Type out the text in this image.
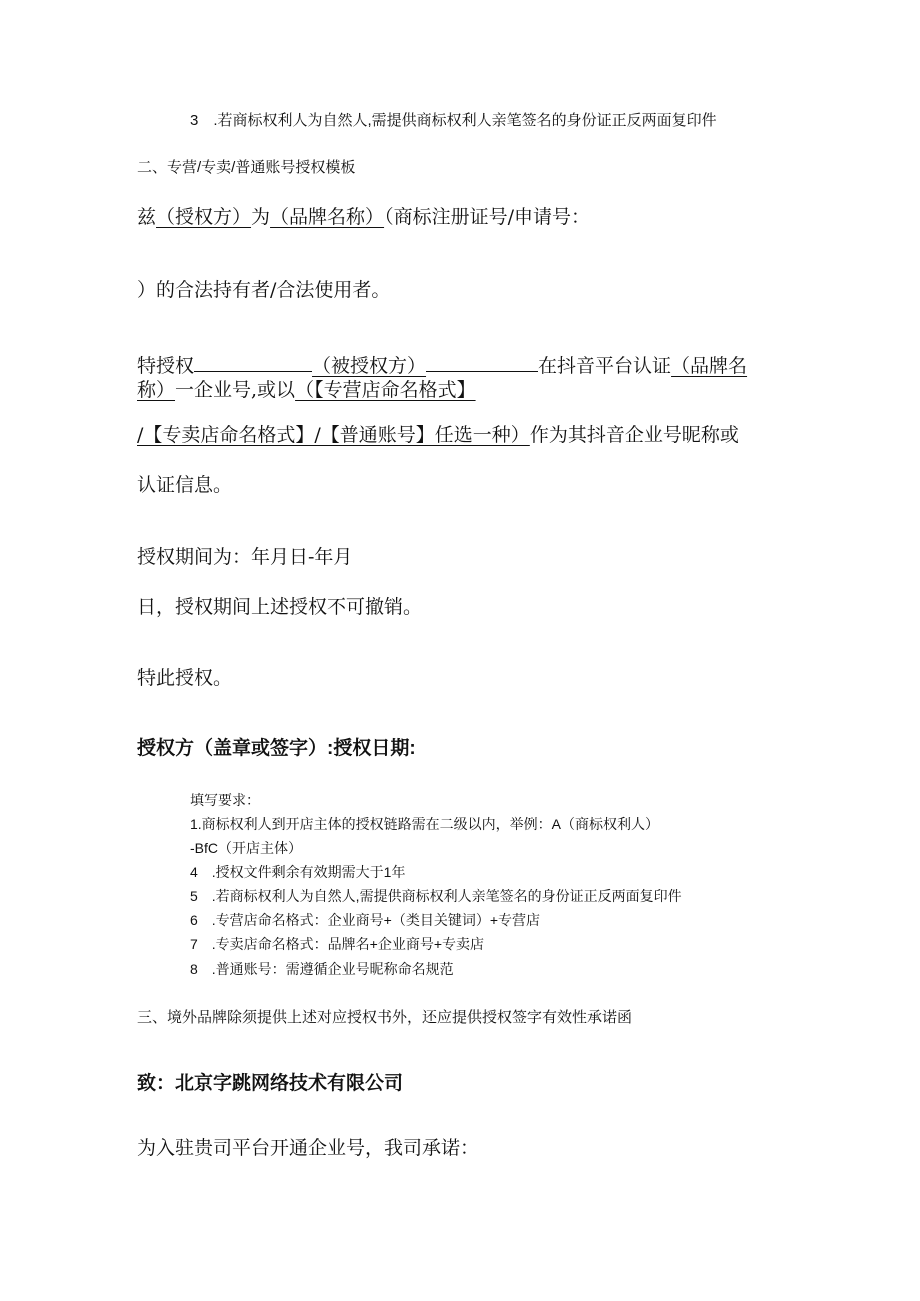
3　.若商标权利人为自然人,需提供商标权利人亲笔签名的身份证正反两面复印件
二、专营/专卖/普通账号授权模板
兹（授权方）为（品牌名称）（商标注册证号/申请号：
）的合法持有者/合法使用者。
特授权	（被授权方）	在抖音平台认证（品牌名
称）一企业号,或以（【专营店命名格式】
/【专卖店命名格式】/【普通账号】任选一种）作为其抖音企业号昵称或
认证信息。
授权期间为：年月日-年月
日，授权期间上述授权不可撤销。
特此授权。
授权方（盖章或签字）:授权日期:
填写要求：
1.商标权利人到开店主体的授权链路需在二级以内，举例：A（商标权利人）
-BfC（开店主体）
4　.授权文件剩余有效期需大于1年
5　.若商标权利人为自然人,需提供商标权利人亲笔签名的身份证正反两面复印件
6　.专营店命名格式：企业商号+（类目关键词）+专营店
7　.专卖店命名格式：品牌名+企业商号+专卖店
8　.普通账号：需遵循企业号昵称命名规范
三、境外品牌除须提供上述对应授权书外，还应提供授权签字有效性承诺函
致：北京字跳网络技术有限公司
为入驻贵司平台开通企业号，我司承诺：
